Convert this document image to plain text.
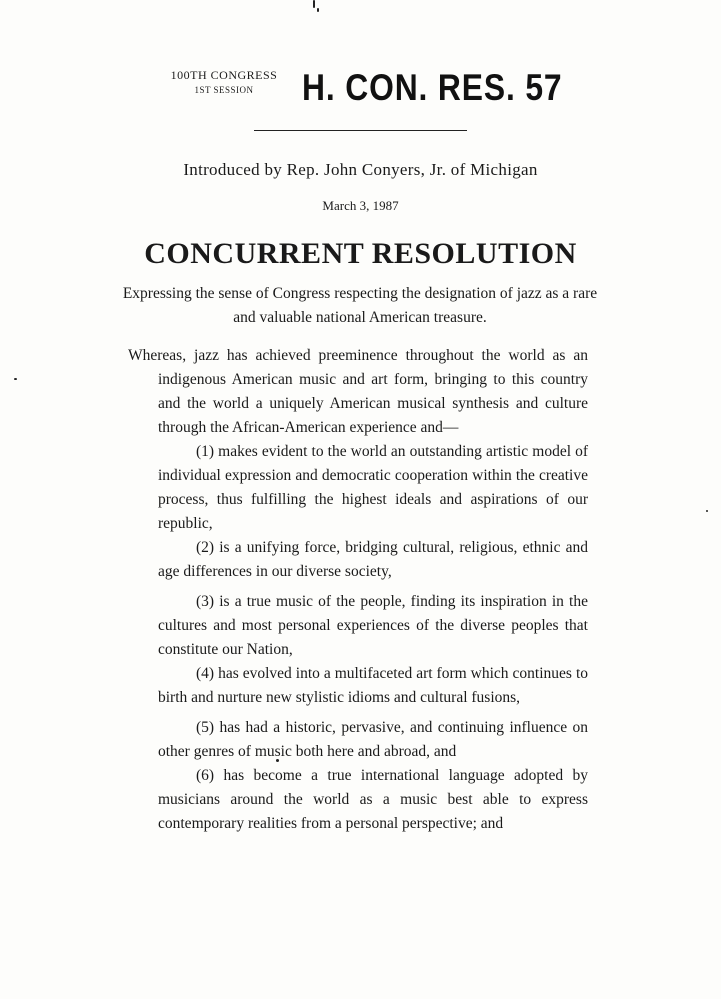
100TH CONGRESS
1ST SESSION	H. CON. RES. 57
Introduced by Rep. John Conyers, Jr. of Michigan
March 3, 1987
CONCURRENT RESOLUTION
Expressing the sense of Congress respecting the designation of jazz as a rare and valuable national American treasure.

Whereas, jazz has achieved preeminence throughout the world as an indigenous American music and art form, bringing to this country and the world a uniquely American musical synthesis and culture through the African-American experience and—

(1) makes evident to the world an outstanding artistic model of individual expression and democratic cooperation within the creative process, thus fulfilling the highest ideals and aspirations of our republic,

(2) is a unifying force, bridging cultural, religious, ethnic and age differences in our diverse society,

(3) is a true music of the people, finding its inspiration in the cultures and most personal experiences of the diverse peoples that constitute our Nation,

(4) has evolved into a multifaceted art form which continues to birth and nurture new stylistic idioms and cultural fusions,

(5) has had a historic, pervasive, and continuing influence on other genres of music both here and abroad, and

(6) has become a true international language adopted by musicians around the world as a music best able to express contemporary realities from a personal perspective; and
